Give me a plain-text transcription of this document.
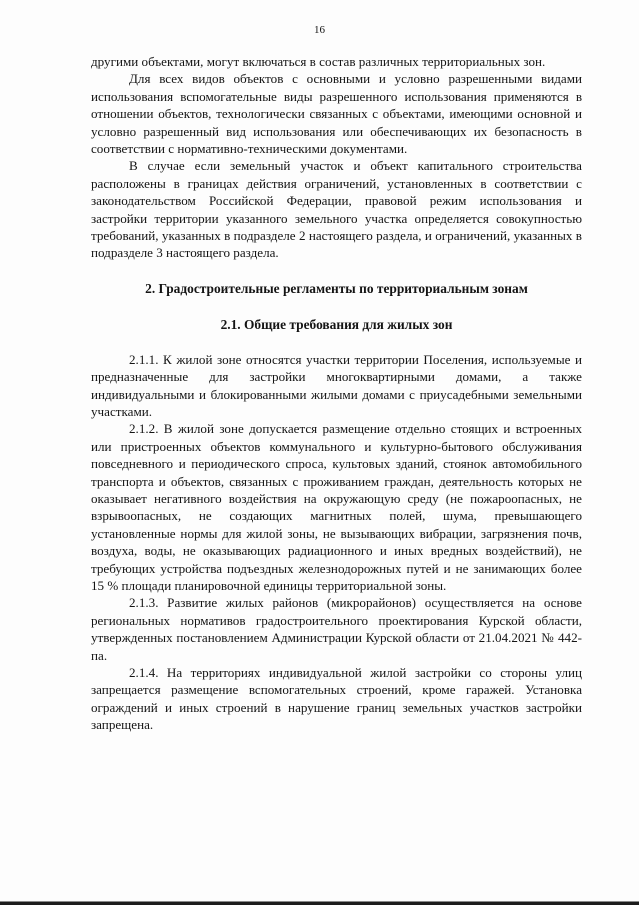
16

другими объектами, могут включаться в состав различных территориальных зон.

Для всех видов объектов с основными и условно разрешенными видами использования вспомогательные виды разрешенного использования применяются в отношении объектов, технологически связанных с объектами, имеющими основной и условно разрешенный вид использования или обеспечивающих их безопасность в соответствии с нормативно-техническими документами.

В случае если земельный участок и объект капитального строительства расположены в границах действия ограничений, установленных в соответствии с законодательством Российской Федерации, правовой режим использования и застройки территории указанного земельного участка определяется совокупностью требований, указанных в подразделе 2 настоящего раздела, и ограничений, указанных в подразделе 3 настоящего раздела.

2. Градостроительные регламенты по территориальным зонам
2.1. Общие требования для жилых зон

2.1.1. К жилой зоне относятся участки территории Поселения, используемые и предназначенные для застройки многоквартирными домами, а также индивидуальными и блокированными жилыми домами с приусадебными земельными участками.

2.1.2. В жилой зоне допускается размещение отдельно стоящих и встроенных или пристроенных объектов коммунального и культурно-бытового обслуживания повседневного и периодического спроса, культовых зданий, стоянок автомобильного транспорта и объектов, связанных с проживанием граждан, деятельность которых не оказывает негативного воздействия на окружающую среду (не пожароопасных, не взрывоопасных, не создающих магнитных полей, шума, превышающего установленные нормы для жилой зоны, не вызывающих вибрации, загрязнения почв, воздуха, воды, не оказывающих радиационного и иных вредных воздействий), не требующих устройства подъездных железнодорожных путей и не занимающих более 15 % площади планировочной единицы территориальной зоны.

2.1.3. Развитие жилых районов (микрорайонов) осуществляется на основе региональных нормативов градостроительного проектирования Курской области, утвержденных постановлением Администрации Курской области от 21.04.2021 № 442-па.

2.1.4. На территориях индивидуальной жилой застройки со стороны улиц запрещается размещение вспомогательных строений, кроме гаражей. Установка ограждений и иных строений в нарушение границ земельных участков застройки запрещена.
